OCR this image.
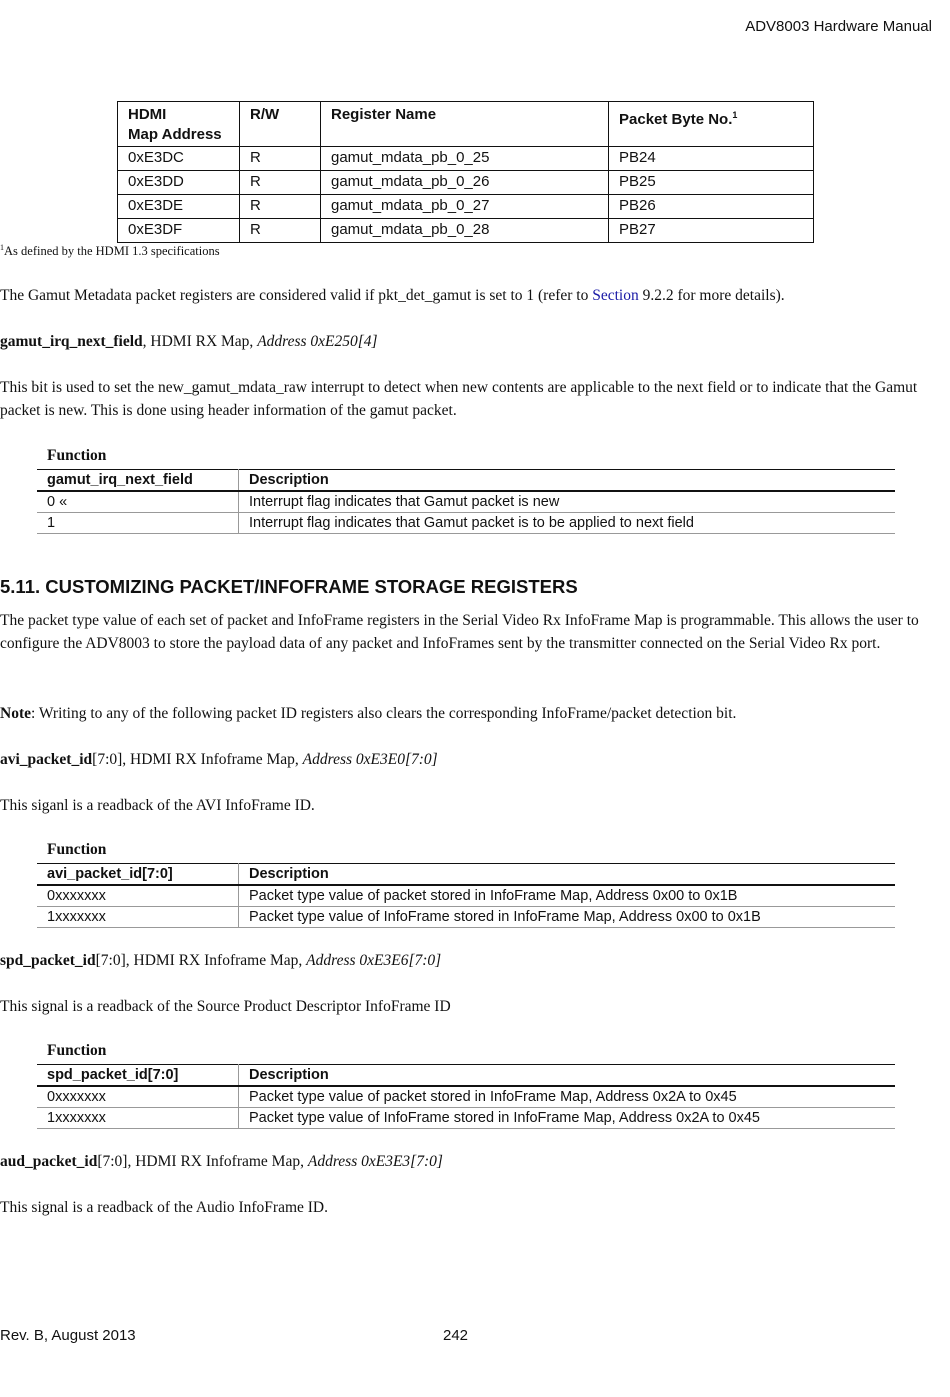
ADV8003 Hardware Manual
HDMI
Map Address	R/W	Register Name	Packet Byte No.$^1$
0xE3DC	R	gamut_mdata_pb_0_25	PB24
0xE3DD	R	gamut_mdata_pb_0_26	PB25
0xE3DE	R	gamut_mdata_pb_0_27	PB26
0xE3DF	R	gamut_mdata_pb_0_28	PB27
$^1$As defined by the HDMI 1.3 specifications
The Gamut Metadata packet registers are considered valid if pkt_det_gamut is set to 1 (refer to Section 9.2.2 for more details).
gamut_irq_next_field, HDMI RX Map, Address 0xE250[4]
This bit is used to set the new_gamut_mdata_raw interrupt to detect when new contents are applicable to the next field or to indicate that the Gamut packet is new. This is done using header information of the gamut packet.
Function
gamut_irq_next_field	Description
0 «	Interrupt flag indicates that Gamut packet is new
1	Interrupt flag indicates that Gamut packet is to be applied to next field
5.11. CUSTOMIZING PACKET/INFOFRAME STORAGE REGISTERS
The packet type value of each set of packet and InfoFrame registers in the Serial Video Rx InfoFrame Map is programmable. This allows the user to configure the ADV8003 to store the payload data of any packet and InfoFrames sent by the transmitter connected on the Serial Video Rx port.
Note: Writing to any of the following packet ID registers also clears the corresponding InfoFrame/packet detection bit.
avi_packet_id[7:0], HDMI RX Infoframe Map, Address 0xE3E0[7:0]
This siganl is a readback of the AVI InfoFrame ID.
Function
avi_packet_id[7:0]	Description
0xxxxxxx	Packet type value of packet stored in InfoFrame Map, Address 0x00 to 0x1B
1xxxxxxx	Packet type value of InfoFrame stored in InfoFrame Map, Address 0x00 to 0x1B
spd_packet_id[7:0], HDMI RX Infoframe Map, Address 0xE3E6[7:0]
This signal is a readback of the Source Product Descriptor InfoFrame ID
Function
spd_packet_id[7:0]	Description
0xxxxxxx	Packet type value of packet stored in InfoFrame Map, Address 0x2A to 0x45
1xxxxxxx	Packet type value of InfoFrame stored in InfoFrame Map, Address 0x2A to 0x45
aud_packet_id[7:0], HDMI RX Infoframe Map, Address 0xE3E3[7:0]
This signal is a readback of the Audio InfoFrame ID.
Rev. B, August 2013	242
